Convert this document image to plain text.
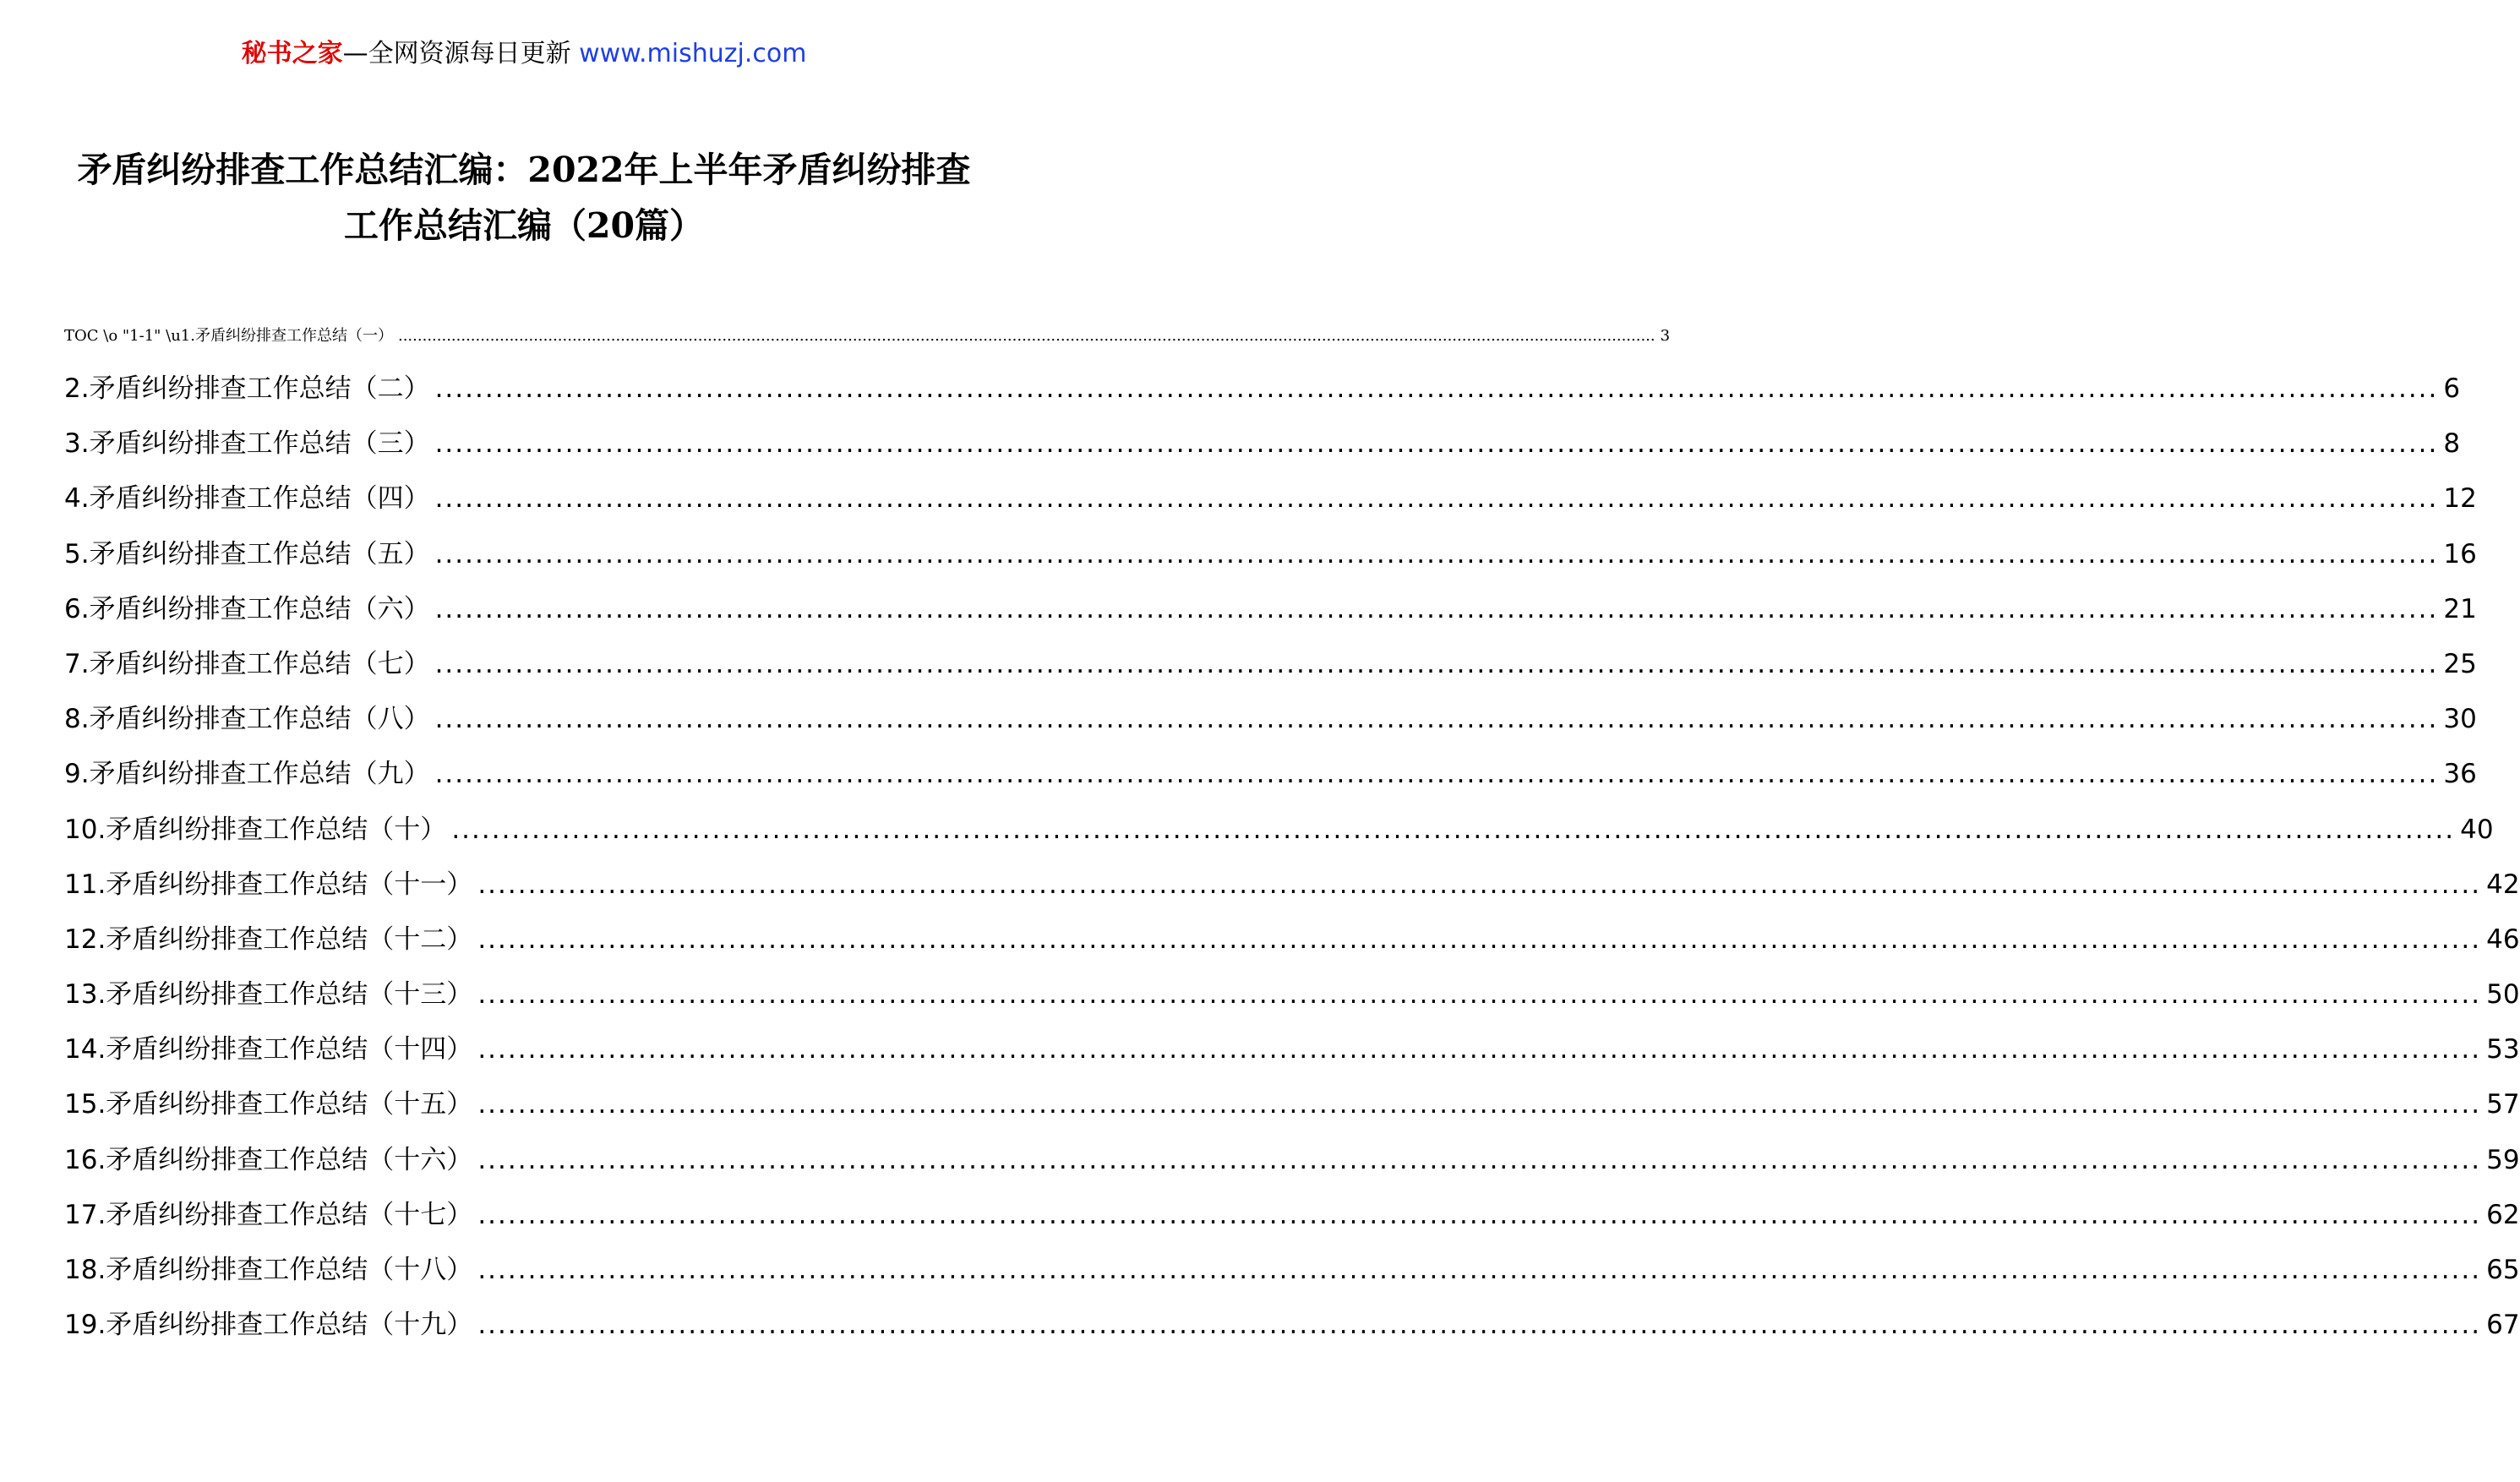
秘书之家—全网资源每日更新 www.mishuzj.com
矛盾纠纷排查工作总结汇编：2022年上半年矛盾纠纷排查工作总结汇编（20篇）
TOC \o "1-1" \u1.矛盾纠纷排查工作总结（一） .................................................................................................................................................................................................................................................................... 3
2.矛盾纠纷排查工作总结（二） ........................................................................................................................................................................................................ 6
3.矛盾纠纷排查工作总结（三） ........................................................................................................................................................................................................ 8
4.矛盾纠纷排查工作总结（四） ........................................................................................................................................................................................................ 12
5.矛盾纠纷排查工作总结（五） ........................................................................................................................................................................................................ 16
6.矛盾纠纷排查工作总结（六） ........................................................................................................................................................................................................ 21
7.矛盾纠纷排查工作总结（七） ........................................................................................................................................................................................................ 25
8.矛盾纠纷排查工作总结（八） ........................................................................................................................................................................................................ 30
9.矛盾纠纷排查工作总结（九） ........................................................................................................................................................................................................ 36
10.矛盾纠纷排查工作总结（十） ........................................................................................................................................................................................................ 40
11.矛盾纠纷排查工作总结（十一） ........................................................................................................................................................................................................ 42
12.矛盾纠纷排查工作总结（十二） ........................................................................................................................................................................................................ 46
13.矛盾纠纷排查工作总结（十三） ........................................................................................................................................................................................................ 50
14.矛盾纠纷排查工作总结（十四） ........................................................................................................................................................................................................ 53
15.矛盾纠纷排查工作总结（十五） ........................................................................................................................................................................................................ 57
16.矛盾纠纷排查工作总结（十六） ........................................................................................................................................................................................................ 59
17.矛盾纠纷排查工作总结（十七） ........................................................................................................................................................................................................ 62
18.矛盾纠纷排查工作总结（十八） ........................................................................................................................................................................................................ 65
19.矛盾纠纷排查工作总结（十九） ........................................................................................................................................................................................................ 67
